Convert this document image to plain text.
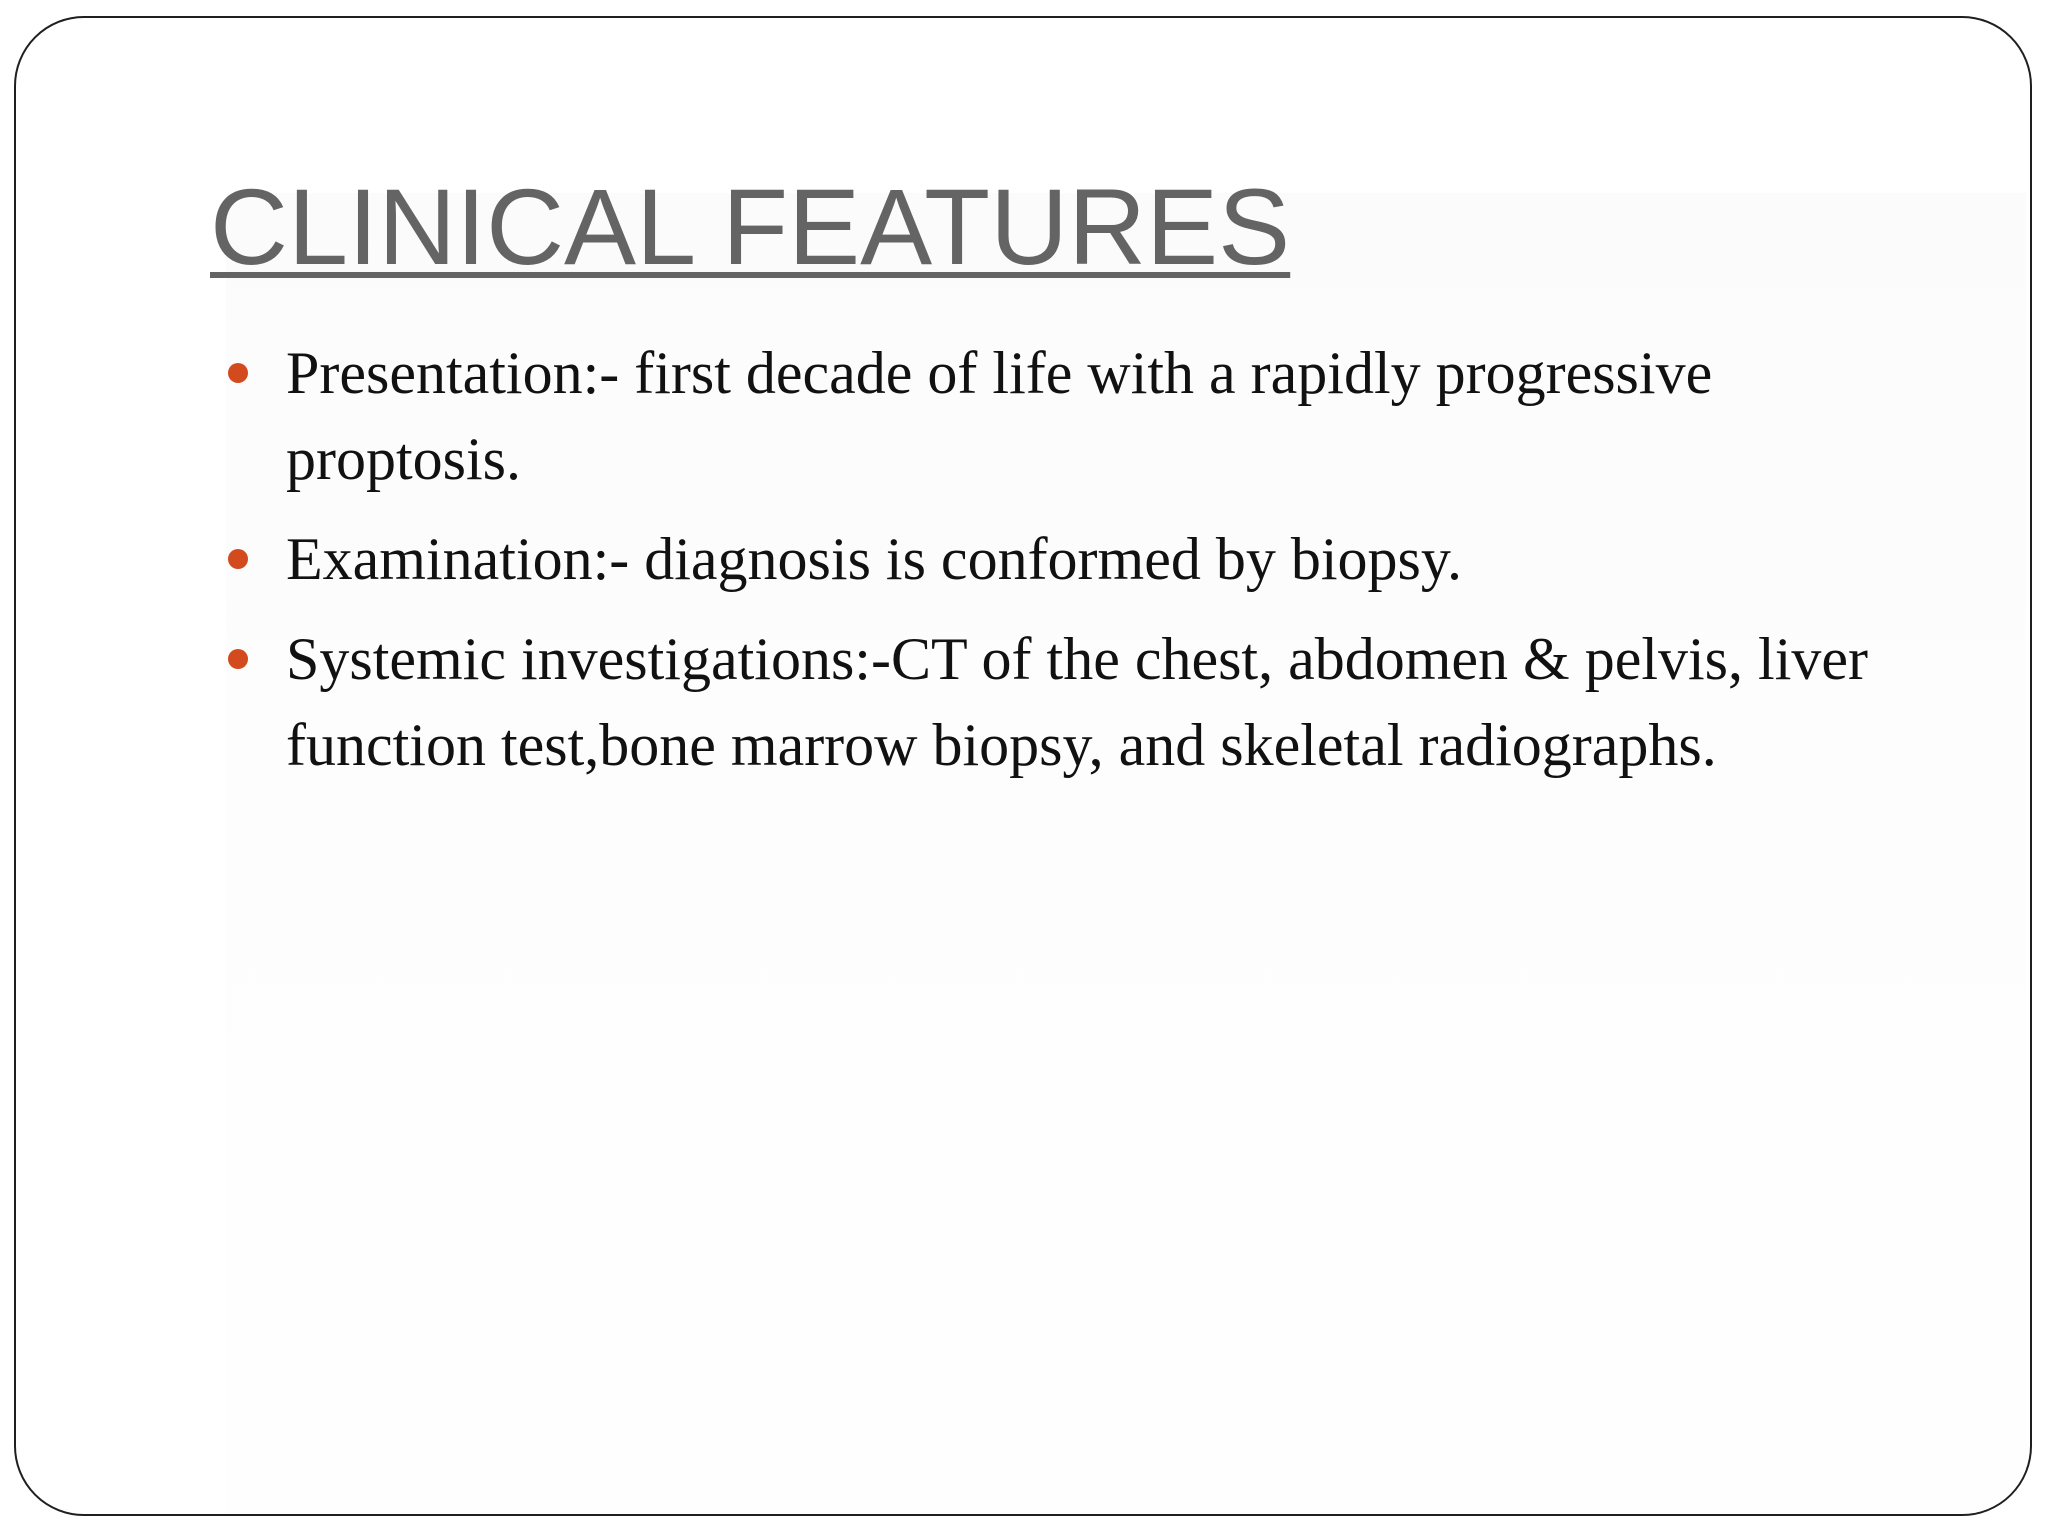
CLINICAL FEATURES
Presentation:- first decade of life with a rapidly progressive proptosis.
Examination:- diagnosis is conformed by biopsy.
Systemic investigations:-CT of the chest, abdomen & pelvis, liver function test,bone marrow biopsy, and skeletal radiographs.
